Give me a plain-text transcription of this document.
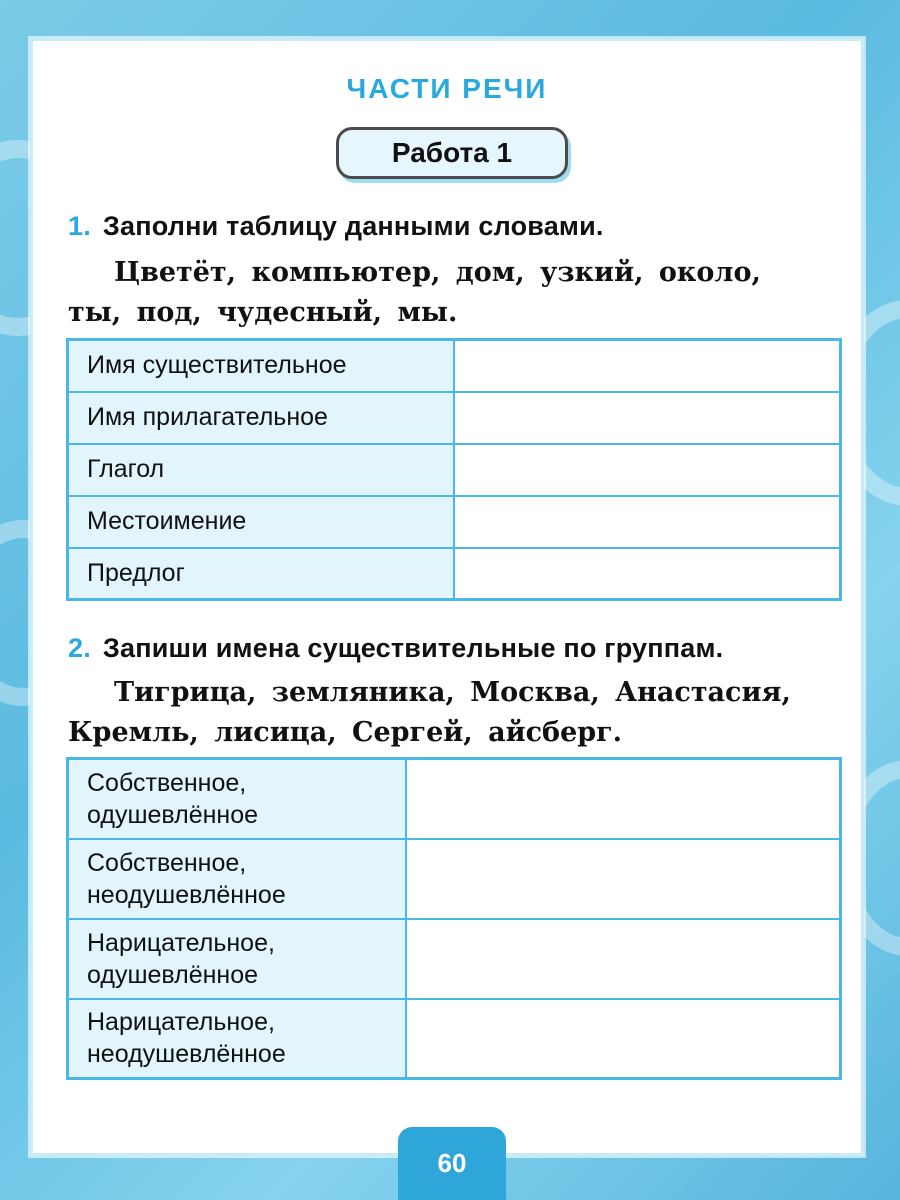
ЧАСТИ РЕЧИ
Работа 1
1. Заполни таблицу данными словами.
Цветёт, компьютер, дом, узкий, около,
ты, под, чудесный, мы.
Имя существительное	
Имя прилагательное	
Глагол	
Местоимение	
Предлог	
2. Запиши имена существительные по группам.
Тигрица, земляника, Москва, Анастасия,
Кремль, лисица, Сергей, айсберг.
Собственное,
одушевлённое	

Собственное,
неодушевлённое	

Нарицательное,
одушевлённое	

Нарицательное,
неодушевлённое	

60
